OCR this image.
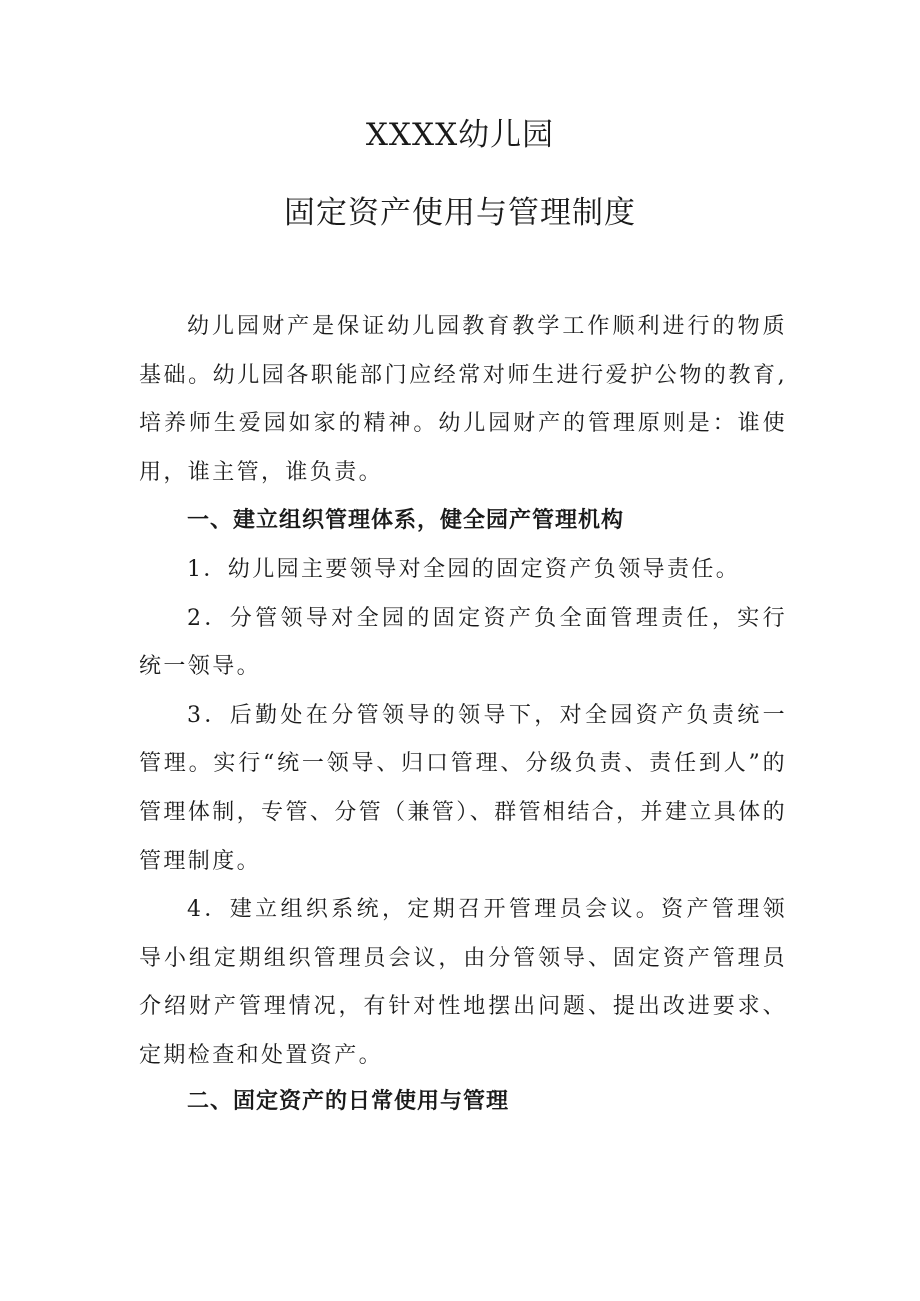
XXXX幼儿园
固定资产使用与管理制度

幼儿园财产是保证幼儿园教育教学工作顺利进行的物质基础。幼儿园各职能部门应经常对师生进行爱护公物的教育,培养师生爱园如家的精神。幼儿园财产的管理原则是：谁使用，谁主管，谁负责。

一、建立组织管理体系，健全园产管理机构

1．幼儿园主要领导对全园的固定资产负领导责任。

2．分管领导对全园的固定资产负全面管理责任，实行统一领导。

3．后勤处在分管领导的领导下，对全园资产负责统一管理。实行“统一领导、归口管理、分级负责、责任到人”的管理体制，专管、分管（兼管）、群管相结合，并建立具体的管理制度。

4．建立组织系统，定期召开管理员会议。资产管理领导小组定期组织管理员会议，由分管领导、固定资产管理员介绍财产管理情况，有针对性地摆出问题、提出改进要求、定期检查和处置资产。

二、固定资产的日常使用与管理
